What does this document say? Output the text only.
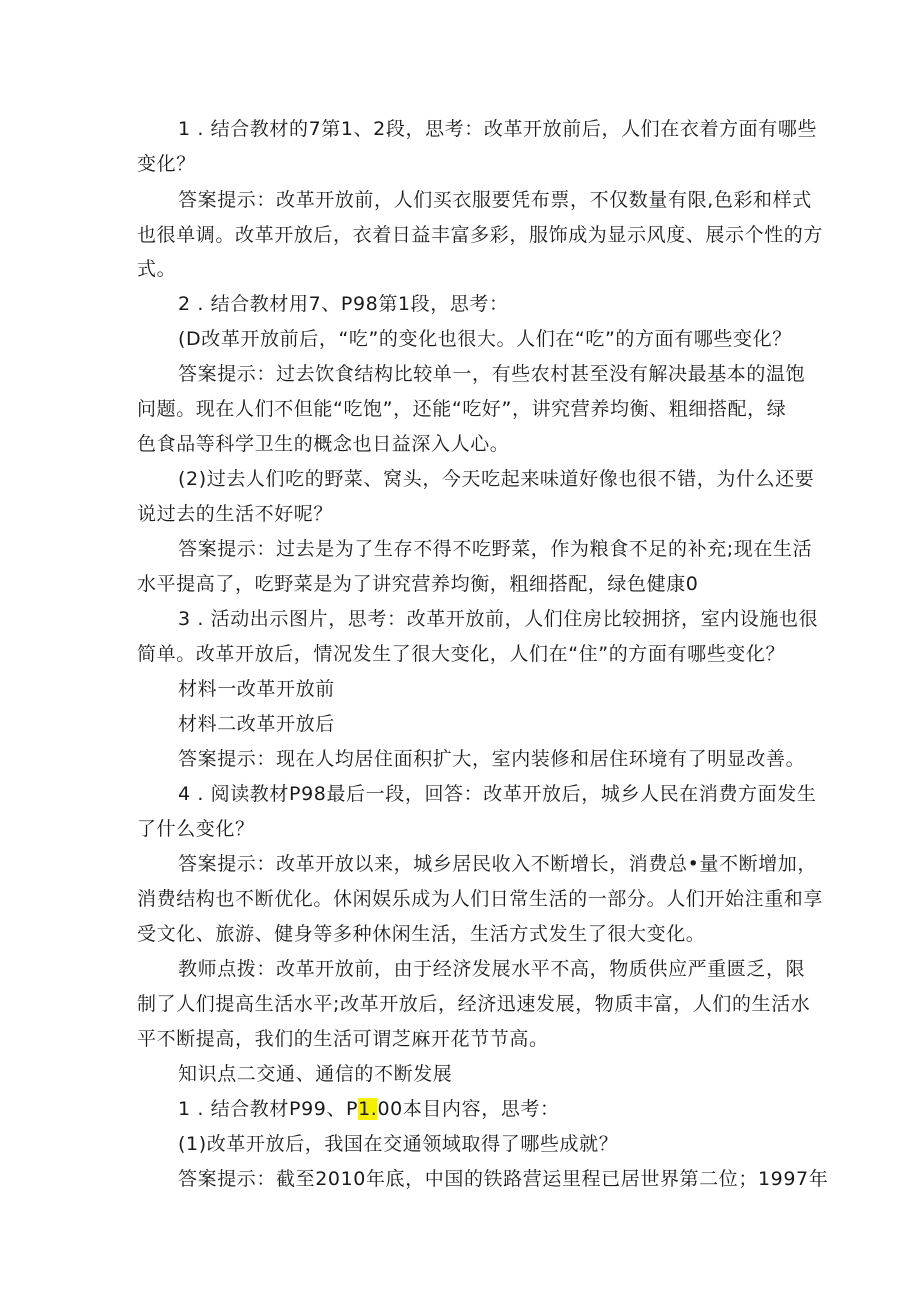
1 . 结合教材的7第1、2段，思考：改革开放前后，人们在衣着方面有哪些
变化？
答案提示：改革开放前，人们买衣服要凭布票，不仅数量有限,色彩和样式
也很单调。改革开放后，衣着日益丰富多彩，服饰成为显示风度、展示个性的方
式。
2 . 结合教材用7、P98第1段，思考：
(D改革开放前后，“吃”的变化也很大。人们在“吃”的方面有哪些变化？
答案提示：过去饮食结构比较单一，有些农村甚至没有解决最基本的温饱
问题。现在人们不但能“吃饱”，还能“吃好”，讲究营养均衡、粗细搭配，绿
色食品等科学卫生的概念也日益深入人心。
(2)过去人们吃的野菜、窝头，今天吃起来味道好像也很不错，为什么还要
说过去的生活不好呢？
答案提示：过去是为了生存不得不吃野菜，作为粮食不足的补充;现在生活
水平提高了，吃野菜是为了讲究营养均衡，粗细搭配，绿色健康0
3 . 活动出示图片，思考：改革开放前，人们住房比较拥挤，室内设施也很
简单。改革开放后，情况发生了很大变化，人们在“住”的方面有哪些变化？
材料一改革开放前
材料二改革开放后
答案提示：现在人均居住面积扩大，室内装修和居住环境有了明显改善。
4 . 阅读教材P98最后一段，回答：改革开放后，城乡人民在消费方面发生
了什么变化？
答案提示：改革开放以来，城乡居民收入不断增长，消费总•量不断增加，
消费结构也不断优化。休闲娱乐成为人们日常生活的一部分。人们开始注重和享
受文化、旅游、健身等多种休闲生活，生活方式发生了很大变化。
教师点拨：改革开放前，由于经济发展水平不高，物质供应严重匮乏，限
制了人们提高生活水平;改革开放后，经济迅速发展，物质丰富，人们的生活水
平不断提高，我们的生活可谓芝麻开花节节高。
知识点二交通、通信的不断发展
1 . 结合教材P99、P1.00本目内容，思考：
(1)改革开放后，我国在交通领域取得了哪些成就？
答案提示：截至2010年底，中国的铁路营运里程已居世界第二位；1997年
